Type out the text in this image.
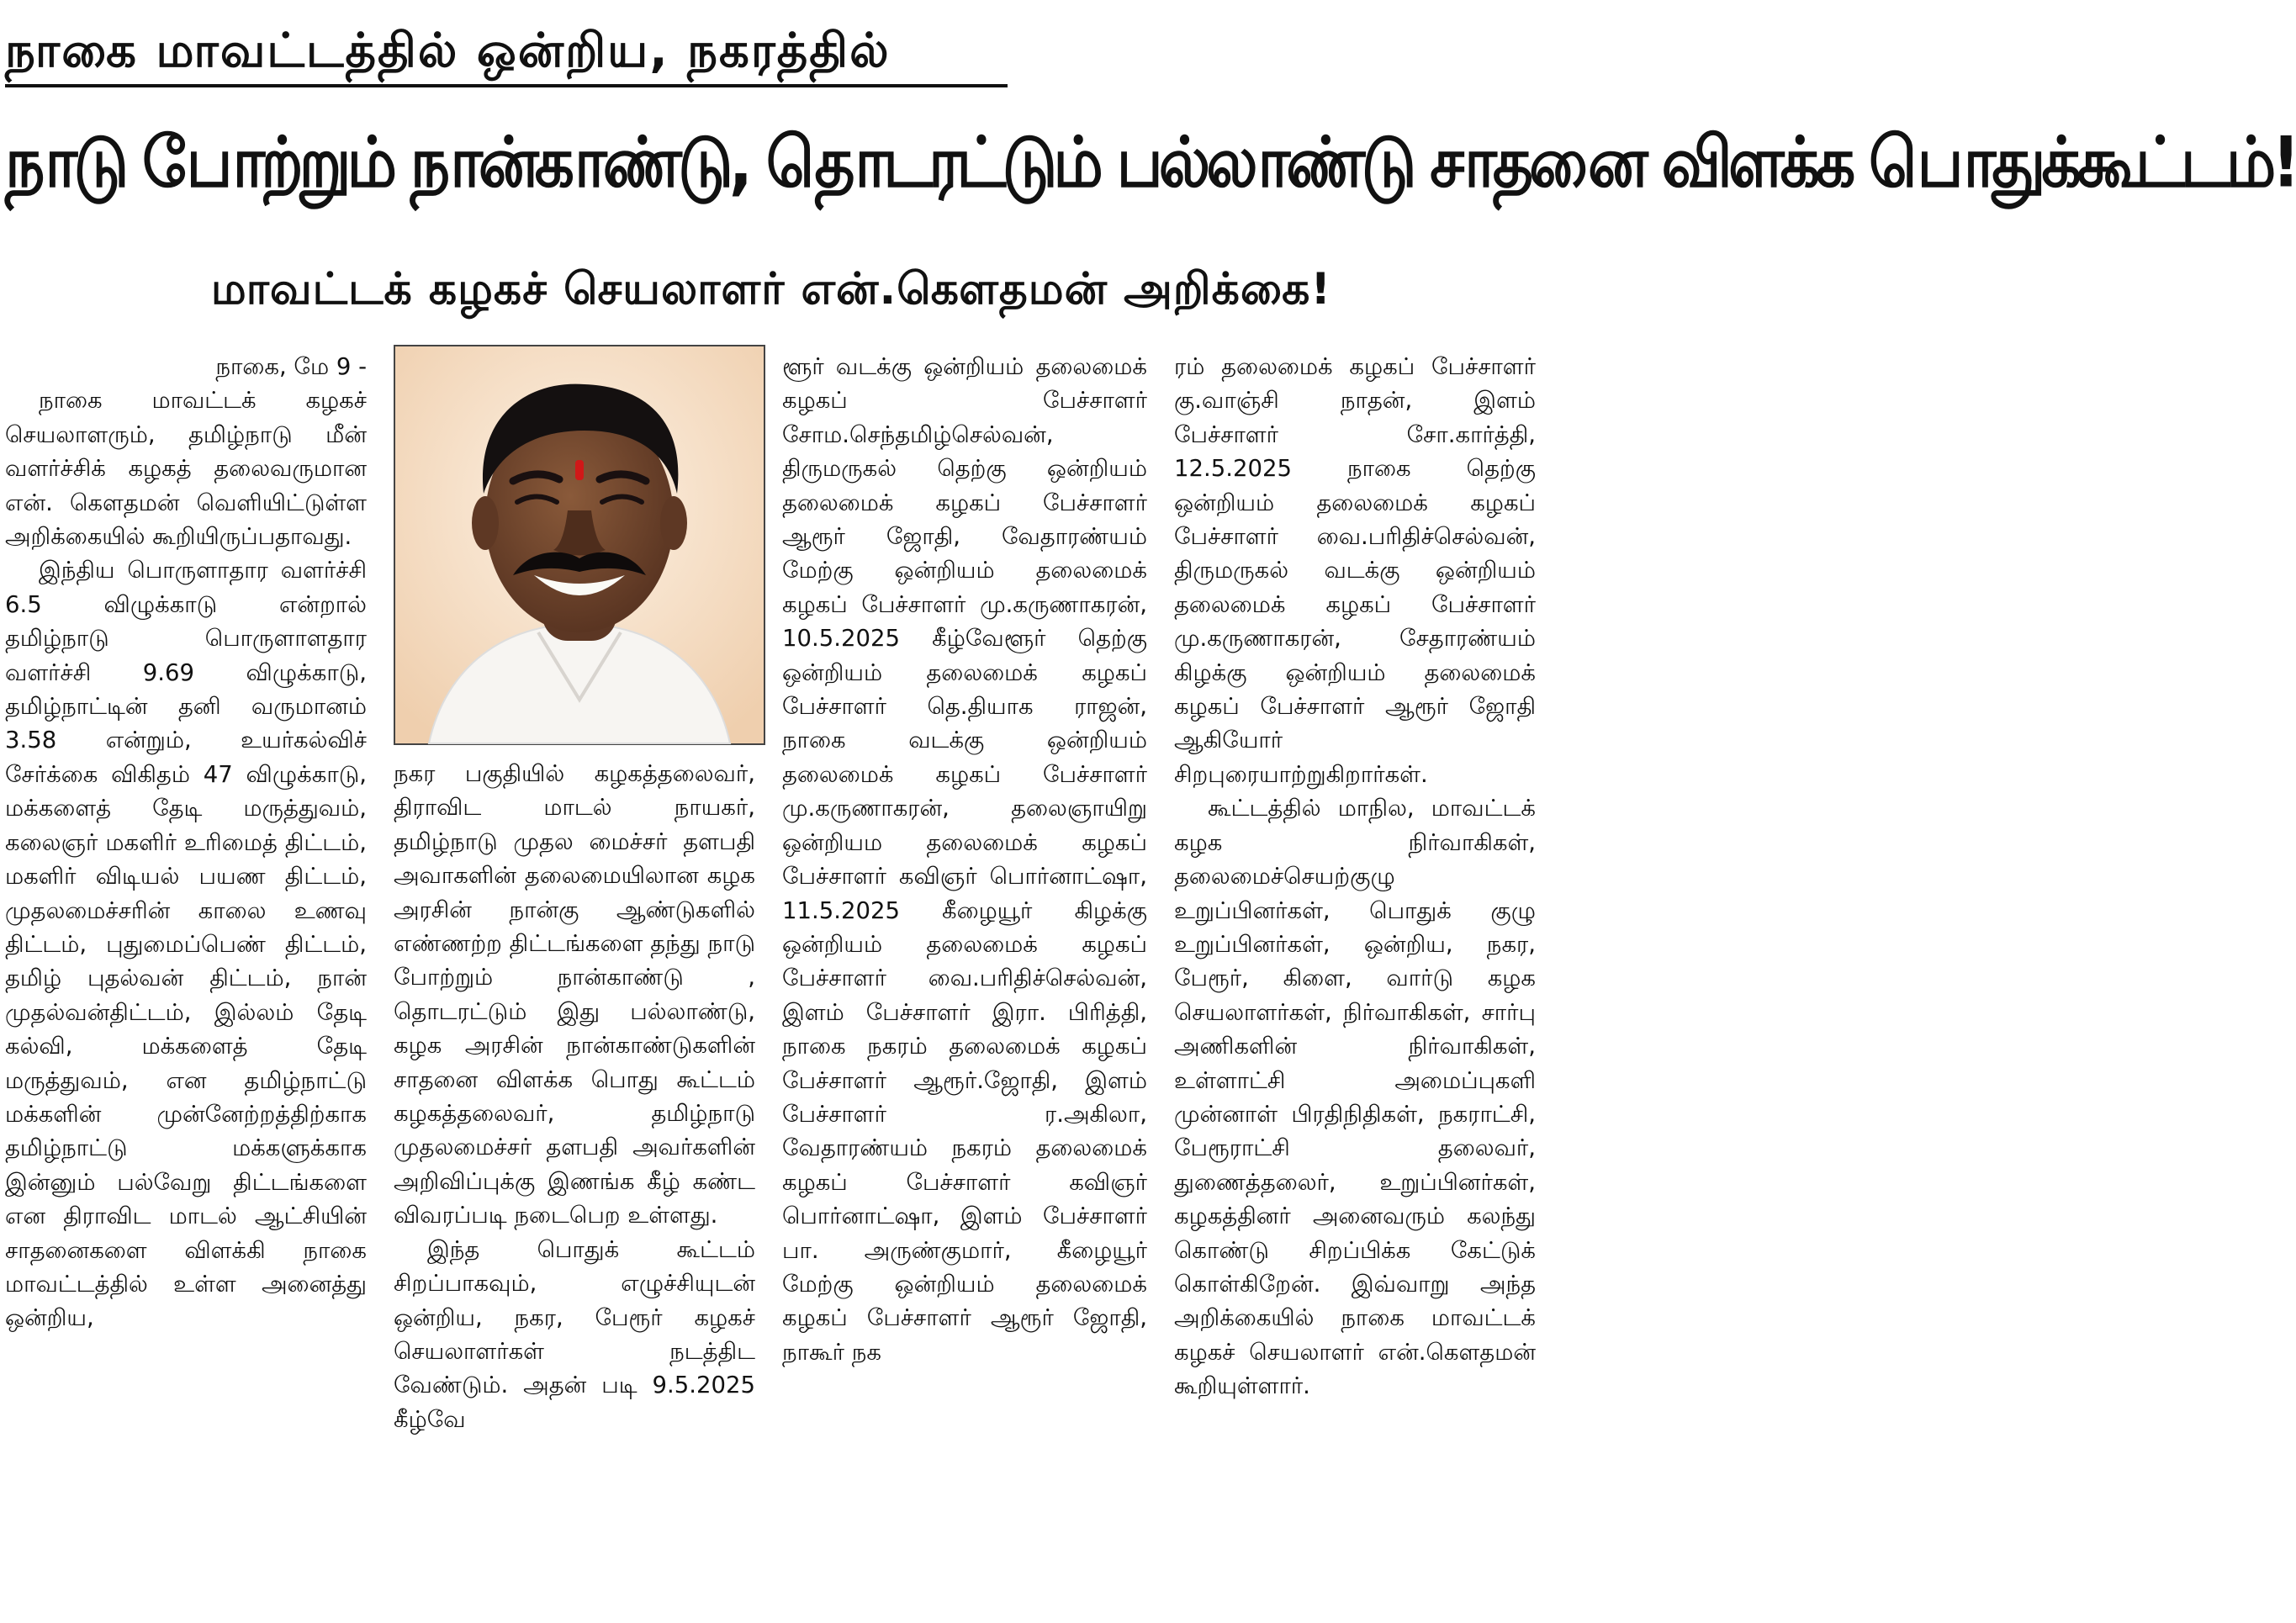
நாகை மாவட்டத்தில் ஒன்றிய, நகரத்தில்
நாடு போற்றும் நான்காண்டு, தொடரட்டும் பல்லாண்டு சாதனை விளக்க பொதுக்கூட்டம்!
மாவட்டக் கழகச் செயலாளர் என்.கௌதமன் அறிக்கை!

நாகை, மே 9 -

நாகை மாவட்டக் கழகச் செயலாளரும், தமிழ்நாடு மீன் வளர்ச்சிக் கழகத் தலைவருமான என். கௌதமன் வெளியிட்டுள்ள அறிக்கையில் கூறியிருப்பதாவது.

இந்திய பொருளாதார வளர்ச்சி 6.5 விழுக்காடு என்றால் தமிழ்நாடு பொருளாளதார வளர்ச்சி 9.69 விழுக்காடு, தமிழ்நாட்டின் தனி வருமானம் 3.58 என்றும், உயர்கல்விச் சேர்க்கை விகிதம் 47 விழுக்காடு, மக்களைத் தேடி மருத்துவம், கலைஞர் மகளிர் உரிமைத் திட்டம், மகளிர் விடியல் பயண திட்டம், முதலமைச்சரின் காலை உணவு திட்டம், புதுமைப்பெண் திட்டம், தமிழ் புதல்வன் திட்டம், நான் முதல்வன்திட்டம், இல்லம் தேடி கல்வி, மக்களைத் தேடி மருத்துவம், என தமிழ்நாட்டு மக்களின் முன்னேற்றத்திற்காக தமிழ்நாட்டு மக்களுக்காக இன்னும் பல்வேறு திட்டங்களை என திராவிட மாடல் ஆட்சியின் சாதனைகளை விளக்கி நாகை மாவட்டத்தில் உள்ள அனைத்து ஒன்றிய,

நகர பகுதியில் கழகத்தலைவர், திராவிட மாடல் நாயகர், தமிழ்நாடு முதல மைச்சர் தளபதி அவாகளின் தலைமையிலான கழக அரசின் நான்கு ஆண்டுகளில் எண்ணற்ற திட்டங்களை தந்து நாடு போற்றும் நான்காண்டு , தொடரட்டும் இது பல்லாண்டு, கழக அரசின் நான்காண்டுகளின் சாதனை விளக்க பொது கூட்டம் கழகத்தலைவர், தமிழ்நாடு முதலமைச்சர் தளபதி அவர்களின் அறிவிப்புக்கு இணங்க கீழ் கண்ட விவரப்படி நடைபெற உள்ளது.

இந்த பொதுக் கூட்டம் சிறப்பாகவும், எழுச்சியுடன் ஒன்றிய, நகர, பேரூர் கழகச் செயலாளர்கள் நடத்திட வேண்டும். அதன் படி 9.5.2025 கீழ்வே

ளூர் வடக்கு ஒன்றியம் தலைமைக் கழகப் பேச்சாளர் சோம.செந்தமிழ்செல்வன், திருமருகல் தெற்கு ஒன்றியம் தலைமைக் கழகப் பேச்சாளர் ஆரூர் ஜோதி, வேதாரண்யம் மேற்கு ஒன்றியம் தலைமைக் கழகப் பேச்சாளர் மு.கருணாகரன், 10.5.2025 கீழ்வேளூர் தெற்கு ஒன்றியம் தலைமைக் கழகப் பேச்சாளர் தெ.தியாக ராஜன், நாகை வடக்கு ஒன்றியம் தலைமைக் கழகப் பேச்சாளர் மு.கருணாகரன், தலைஞாயிறு ஒன்றியம தலைமைக் கழகப் பேச்சாளர் கவிஞர் பொர்னாட்ஷா, 11.5.2025 கீழையூர் கிழக்கு ஒன்றியம் தலைமைக் கழகப் பேச்சாளர் வை.பரிதிச்செல்வன், இளம் பேச்சாளர் இரா. பிரித்தி, நாகை நகரம் தலைமைக் கழகப் பேச்சாளர் ஆரூர்.ஜோதி, இளம் பேச்சாளர் ர.அகிலா, வேதாரண்யம் நகரம் தலைமைக் கழகப் பேச்சாளர் கவிஞர் பொர்னாட்ஷா, இளம் பேச்சாளர் பா. அருண்குமார், கீழையூர் மேற்கு ஒன்றியம் தலைமைக் கழகப் பேச்சாளர் ஆரூர் ஜோதி, நாகூர் நக

ரம் தலைமைக் கழகப் பேச்சாளர் கு.வாஞ்சி நாதன், இளம் பேச்சாளர் சோ.கார்த்தி, 12.5.2025 நாகை தெற்கு ஒன்றியம் தலைமைக் கழகப் பேச்சாளர் வை.பரிதிச்செல்வன், திருமருகல் வடக்கு ஒன்றியம் தலைமைக் கழகப் பேச்சாளர் மு.கருணாகரன், சேதாரண்யம் கிழக்கு ஒன்றியம் தலைமைக் கழகப் பேச்சாளர் ஆரூர் ஜோதி ஆகியோர் சிறபுரையாற்றுகிறார்கள்.

கூட்டத்தில் மாநில, மாவட்டக் கழக நிர்வாகிகள், தலைமைச்செயற்குழு உறுப்பினர்கள், பொதுக் குழு உறுப்பினர்கள், ஒன்றிய, நகர, பேரூர், கிளை, வார்டு கழக செயலாளர்கள், நிர்வாகிகள், சார்பு அணிகளின் நிர்வாகிகள், உள்ளாட்சி அமைப்புகளி முன்னாள் பிரதிநிதிகள், நகராட்சி, பேரூராட்சி தலைவர், துணைத்தலைர், உறுப்பினர்கள், கழகத்தினர் அனைவரும் கலந்து கொண்டு சிறப்பிக்க கேட்டுக் கொள்கிறேன். இவ்வாறு அந்த அறிக்கையில் நாகை மாவட்டக் கழகச் செயலாளர் என்.கௌதமன் கூறியுள்ளார்.
